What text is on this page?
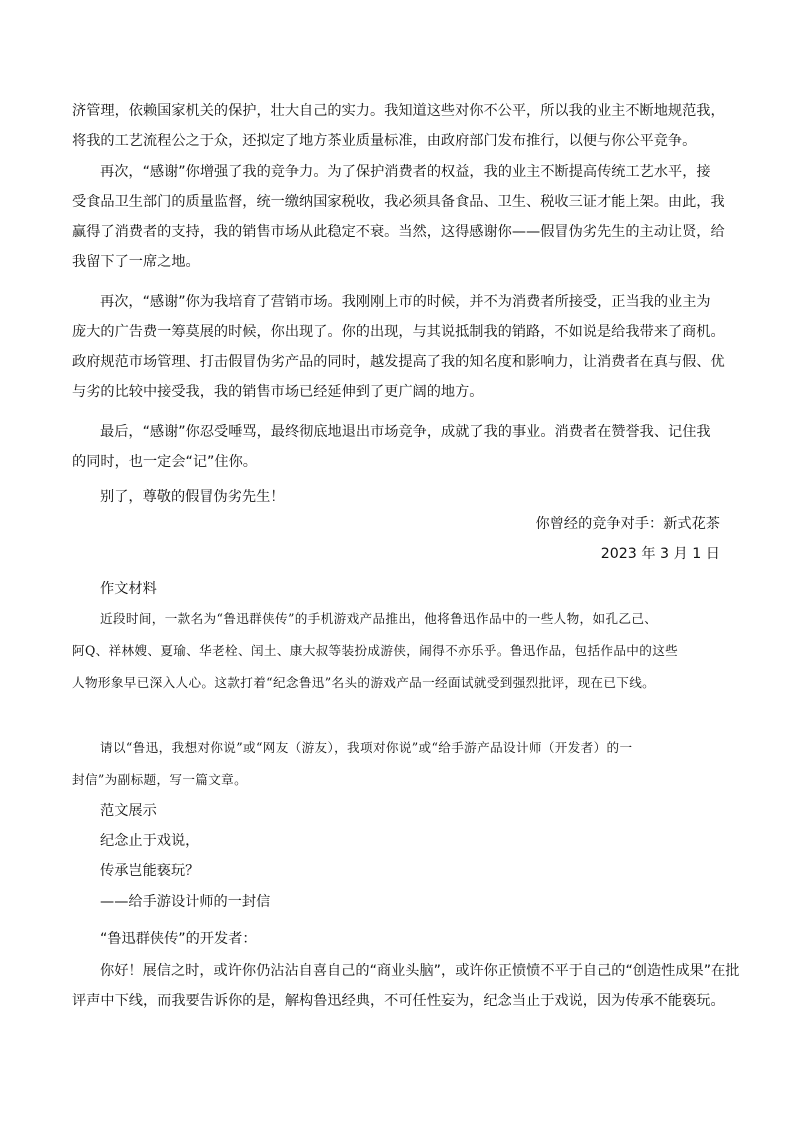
济管理，依赖国家机关的保护，壮大自己的实力。我知道这些对你不公平，所以我的业主不断地规范我，
将我的工艺流程公之于众，还拟定了地方茶业质量标准，由政府部门发布推行，以便与你公平竞争。
再次，“感谢”你增强了我的竞争力。为了保护消费者的权益，我的业主不断提高传统工艺水平，接
受食品卫生部门的质量监督，统一缴纳国家税收，我必须具备食品、卫生、税收三证才能上架。由此，我
赢得了消费者的支持，我的销售市场从此稳定不衰。当然，这得感谢你——假冒伪劣先生的主动让贤，给
我留下了一席之地。
再次，“感谢”你为我培育了营销市场。我刚刚上市的时候，并不为消费者所接受，正当我的业主为
庞大的广告费一筹莫展的时候，你出现了。你的出现，与其说抵制我的销路，不如说是给我带来了商机。
政府规范市场管理、打击假冒伪劣产品的同时，越发提高了我的知名度和影响力，让消费者在真与假、优
与劣的比较中接受我，我的销售市场已经延伸到了更广阔的地方。
最后，“感谢”你忍受唾骂，最终彻底地退出市场竞争，成就了我的事业。消费者在赞誉我、记住我
的同时，也一定会“记”住你。
别了，尊敬的假冒伪劣先生！
你曾经的竞争对手：新式花茶
2023 年 3 月 1 日
作文材料
近段时间，一款名为“鲁迅群侠传”的手机游戏产品推出，他将鲁迅作品中的一些人物，如孔乙己、
阿Q、祥林嫂、夏瑜、华老栓、闰土、康大叔等装扮成游侠，闹得不亦乐乎。鲁迅作品，包括作品中的这些
人物形象早已深入人心。这款打着“纪念鲁迅”名头的游戏产品一经面试就受到强烈批评，现在已下线。
请以“鲁迅，我想对你说”或“网友（游友），我项对你说”或“给手游产品设计师（开发者）的一
封信”为副标题，写一篇文章。
范文展示
纪念止于戏说，
传承岂能亵玩？
——给手游设计师的一封信
“鲁迅群侠传”的开发者：
你好！展信之时，或许你仍沾沾自喜自己的“商业头脑”，或许你正愤愤不平于自己的“创造性成果”在批
评声中下线，而我要告诉你的是，解构鲁迅经典，不可任性妄为，纪念当止于戏说，因为传承不能亵玩。
